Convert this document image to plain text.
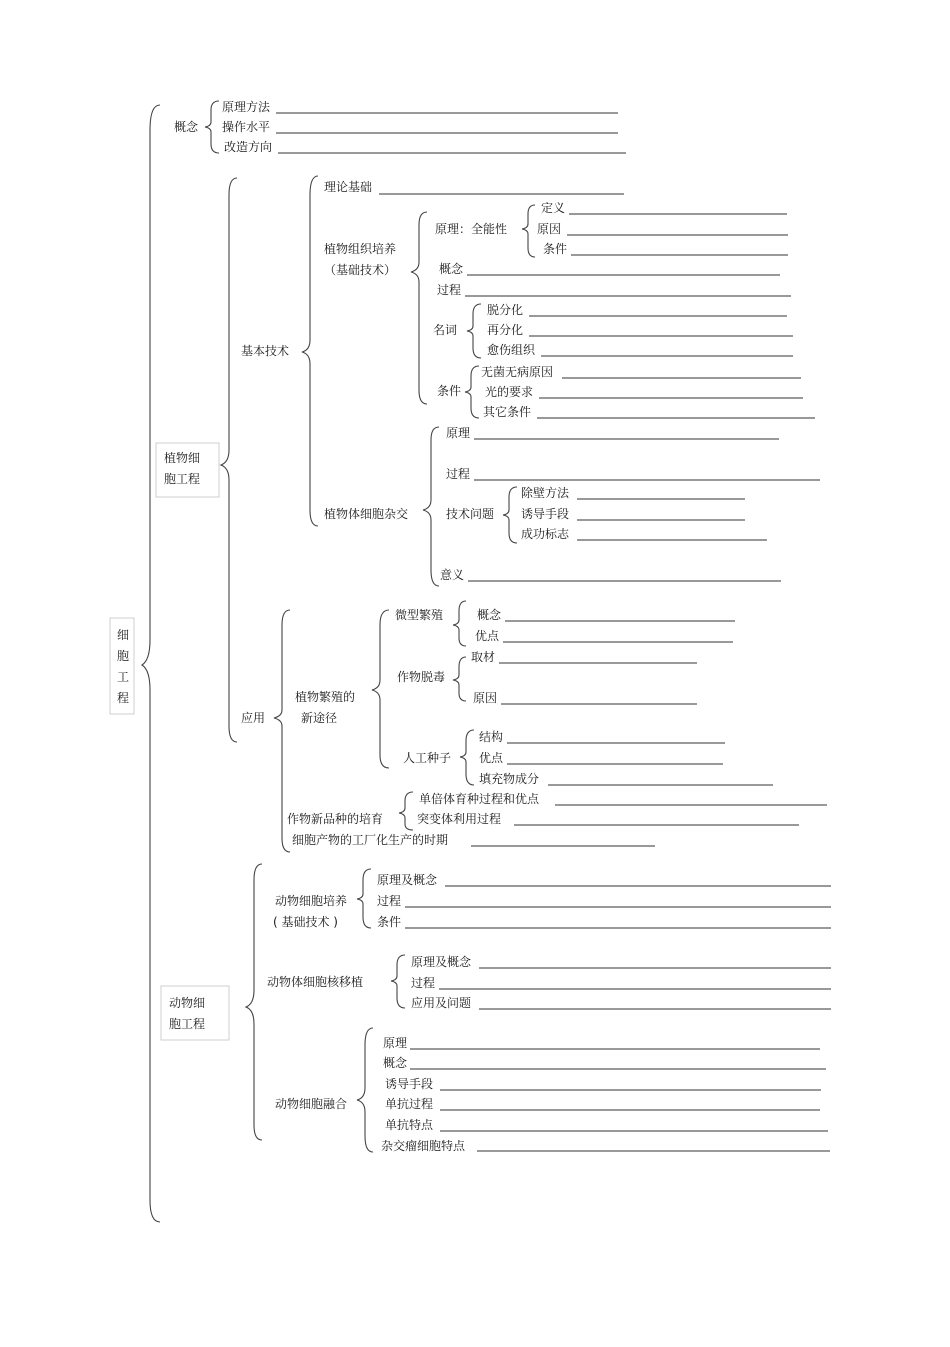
细
胞
工
程
概念
原理方法
操作水平
改造方向
植物细
胞工程
基本技术
理论基础
植物组织培养
（基础技术）
原理：全能性
定义
原因
条件
概念
过程
名词
脱分化
再分化
愈伤组织
条件
无菌无病原因
光的要求
其它条件
植物体细胞杂交
原理
过程
技术问题
除壁方法
诱导手段
成功标志
意义
应用
植物繁殖的
新途径
微型繁殖	概念
优点
作物脱毒
取材
原因
人工种子
结构
优点
填充物成分
作物新品种的培育
单倍体育种过程和优点
突变体利用过程
细胞产物的工厂化生产的时期
动物细
胞工程
动物细胞培养
( 基础技术 )
原理及概念
过程
条件
动物体细胞核移植
原理及概念
过程
应用及问题
动物细胞融合
原理
概念
诱导手段
单抗过程
单抗特点
杂交瘤细胞特点
